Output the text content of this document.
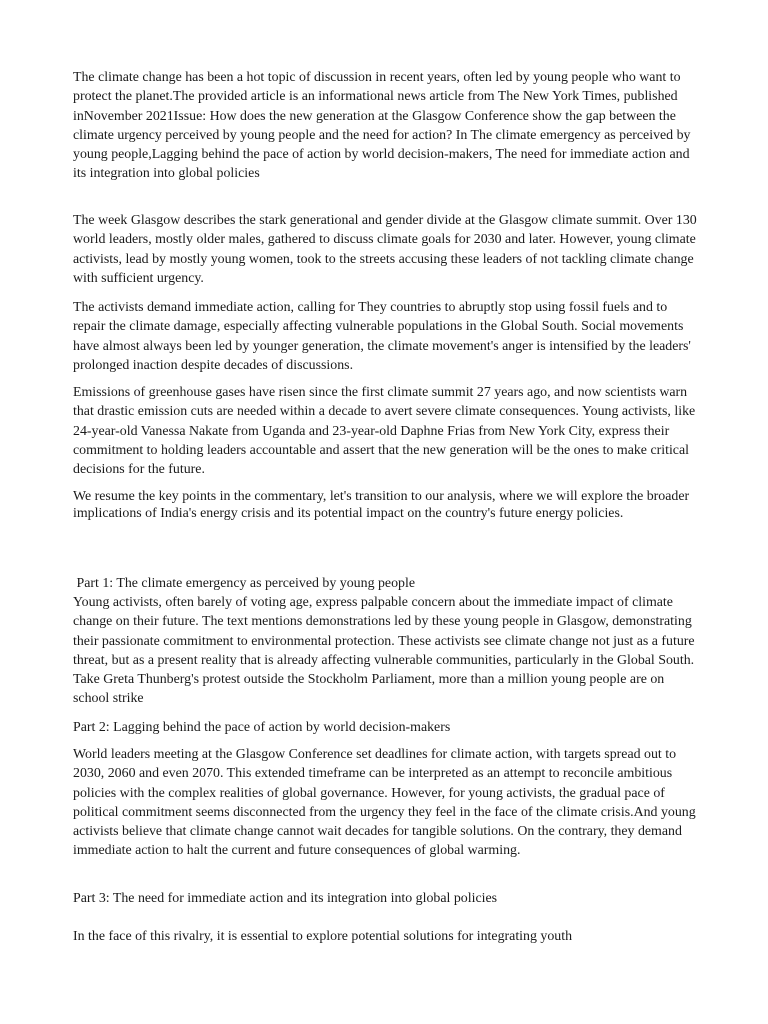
The climate change has been a hot topic of discussion in recent years, often led by young people who want to protect the planet.The provided article is an informational news article from The New York Times, published inNovember 2021Issue: How does the new generation at the Glasgow Conference show the gap between the climate urgency perceived by young people and the need for action? In The climate emergency as perceived by young people,Lagging behind the pace of action by world decision-makers, The need for immediate action and its integration into global policies

The week Glasgow describes the stark generational and gender divide at the Glasgow climate summit. Over 130 world leaders, mostly older males, gathered to discuss climate goals for 2030 and later. However, young climate activists, lead by mostly young women, took to the streets accusing these leaders of not tackling climate change with sufficient urgency.

The activists demand immediate action, calling for They countries to abruptly stop using fossil fuels and to repair the climate damage, especially affecting vulnerable populations in the Global South. Social movements have almost always been led by younger generation, the climate movement's anger is intensified by the leaders' prolonged inaction despite decades of discussions.

Emissions of greenhouse gases have risen since the first climate summit 27 years ago, and now scientists warn that drastic emission cuts are needed within a decade to avert severe climate consequences. Young activists, like 24-year-old Vanessa Nakate from Uganda and 23-year-old Daphne Frias from New York City, express their commitment to holding leaders accountable and assert that the new generation will be the ones to make critical decisions for the future.

We resume the key points in the commentary, let's transition to our analysis, where we will explore the broader implications of India's energy crisis and its potential impact on the country's future energy policies.

Part 1: The climate emergency as perceived by young people

Young activists, often barely of voting age, express palpable concern about the immediate impact of climate change on their future. The text mentions demonstrations led by these young people in Glasgow, demonstrating their passionate commitment to environmental protection. These activists see climate change not just as a future threat, but as a present reality that is already affecting vulnerable communities, particularly in the Global South. Take Greta Thunberg's protest outside the Stockholm Parliament, more than a million young people are on school strike

Part 2: Lagging behind the pace of action by world decision-makers

World leaders meeting at the Glasgow Conference set deadlines for climate action, with targets spread out to 2030, 2060 and even 2070. This extended timeframe can be interpreted as an attempt to reconcile ambitious policies with the complex realities of global governance. However, for young activists, the gradual pace of political commitment seems disconnected from the urgency they feel in the face of the climate crisis.And young activists believe that climate change cannot wait decades for tangible solutions. On the contrary, they demand immediate action to halt the current and future consequences of global warming.

Part 3: The need for immediate action and its integration into global policies

In the face of this rivalry, it is essential to explore potential solutions for integrating youth
